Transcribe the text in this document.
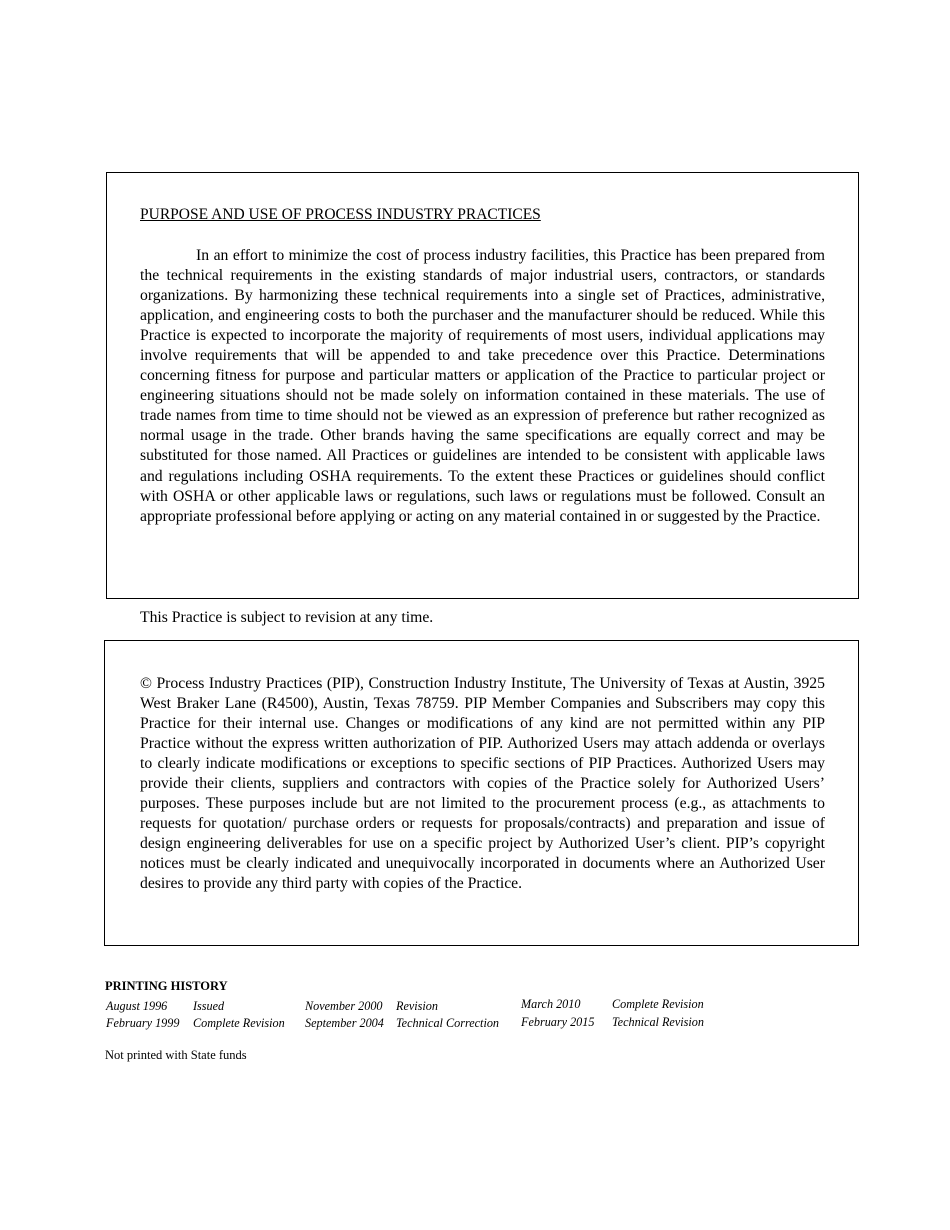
PURPOSE AND USE OF PROCESS INDUSTRY PRACTICES
In an effort to minimize the cost of process industry facilities, this Practice has been prepared from the technical requirements in the existing standards of major industrial users, contractors, or standards organizations. By harmonizing these technical requirements into a single set of Practices, administrative, application, and engineering costs to both the purchaser and the manufacturer should be reduced. While this Practice is expected to incorporate the majority of requirements of most users, individual applications may involve requirements that will be appended to and take precedence over this Practice. Determinations concerning fitness for purpose and particular matters or application of the Practice to particular project or engineering situations should not be made solely on information contained in these materials. The use of trade names from time to time should not be viewed as an expression of preference but rather recognized as normal usage in the trade. Other brands having the same specifications are equally correct and may be substituted for those named. All Practices or guidelines are intended to be consistent with applicable laws and regulations including OSHA requirements. To the extent these Practices or guidelines should conflict with OSHA or other applicable laws or regulations, such laws or regulations must be followed. Consult an appropriate professional before applying or acting on any material contained in or suggested by the Practice.
This Practice is subject to revision at any time.
© Process Industry Practices (PIP), Construction Industry Institute, The University of Texas at Austin, 3925 West Braker Lane (R4500), Austin, Texas 78759. PIP Member Companies and Subscribers may copy this Practice for their internal use. Changes or modifications of any kind are not permitted within any PIP Practice without the express written authorization of PIP. Authorized Users may attach addenda or overlays to clearly indicate modifications or exceptions to specific sections of PIP Practices. Authorized Users may provide their clients, suppliers and contractors with copies of the Practice solely for Authorized Users’ purposes. These purposes include but are not limited to the procurement process (e.g., as attachments to requests for quotation/ purchase orders or requests for proposals/contracts) and preparation and issue of design engineering deliverables for use on a specific project by Authorized User’s client. PIP’s copyright notices must be clearly indicated and unequivocally incorporated in documents where an Authorized User desires to provide any third party with copies of the Practice.
PRINTING HISTORY
August 1996 Issued
February 1999 Complete Revision
November 2000 Revision
September 2004 Technical Correction
March 2010	Complete Revision
February 2015 Technical Revision
Not printed with State funds
